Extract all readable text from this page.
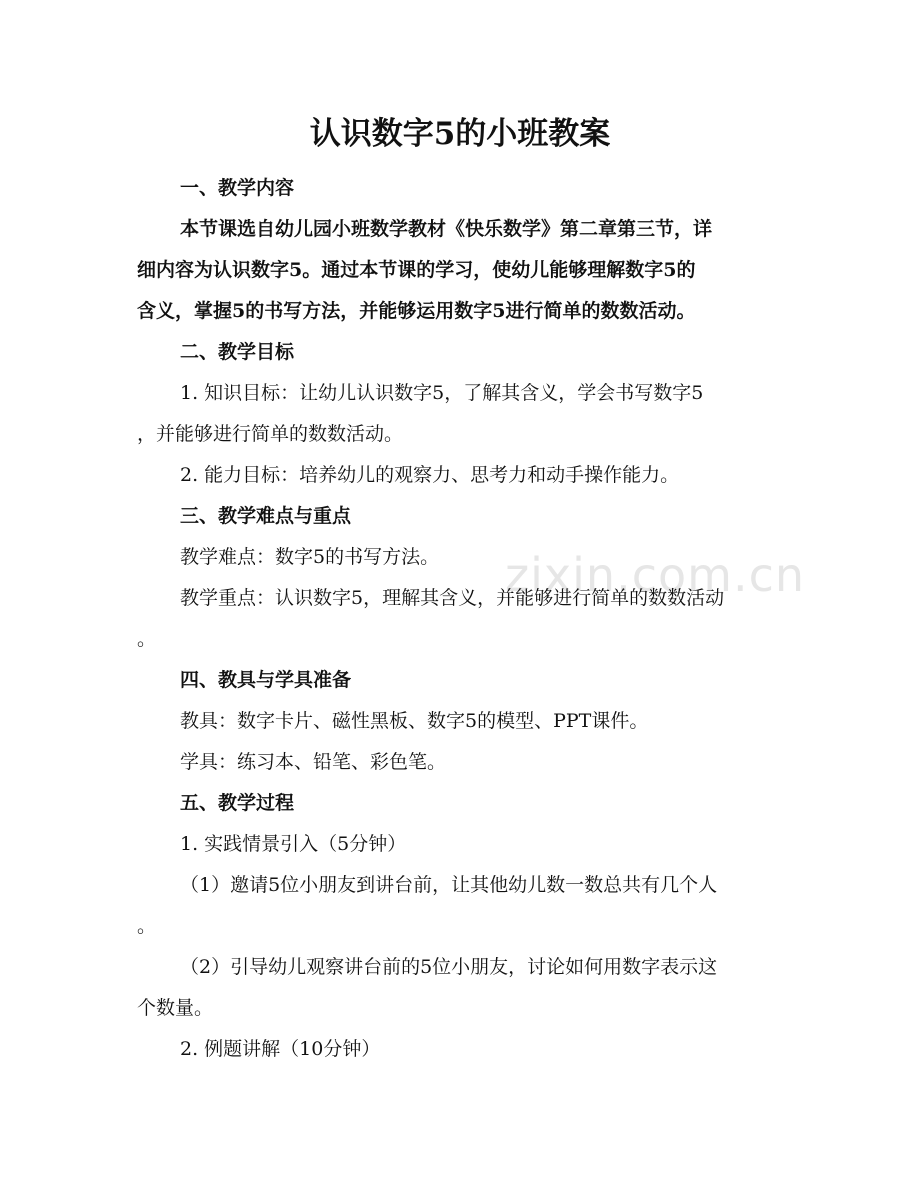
zixin.com.cn
认识数字5的小班教案
一、教学内容
本节课选自幼儿园小班数学教材《快乐数学》第二章第三节，详
细内容为认识数字5。通过本节课的学习，使幼儿能够理解数字5的
含义，掌握5的书写方法，并能够运用数字5进行简单的数数活动。
二、教学目标
1. 知识目标：让幼儿认识数字5，了解其含义，学会书写数字5
，并能够进行简单的数数活动。
2. 能力目标：培养幼儿的观察力、思考力和动手操作能力。
三、教学难点与重点
教学难点：数字5的书写方法。
教学重点：认识数字5，理解其含义，并能够进行简单的数数活动
。
四、教具与学具准备
教具：数字卡片、磁性黑板、数字5的模型、PPT课件。
学具：练习本、铅笔、彩色笔。
五、教学过程
1. 实践情景引入（5分钟）
（1）邀请5位小朋友到讲台前，让其他幼儿数一数总共有几个人
。
（2）引导幼儿观察讲台前的5位小朋友，讨论如何用数字表示这
个数量。
2. 例题讲解（10分钟）
